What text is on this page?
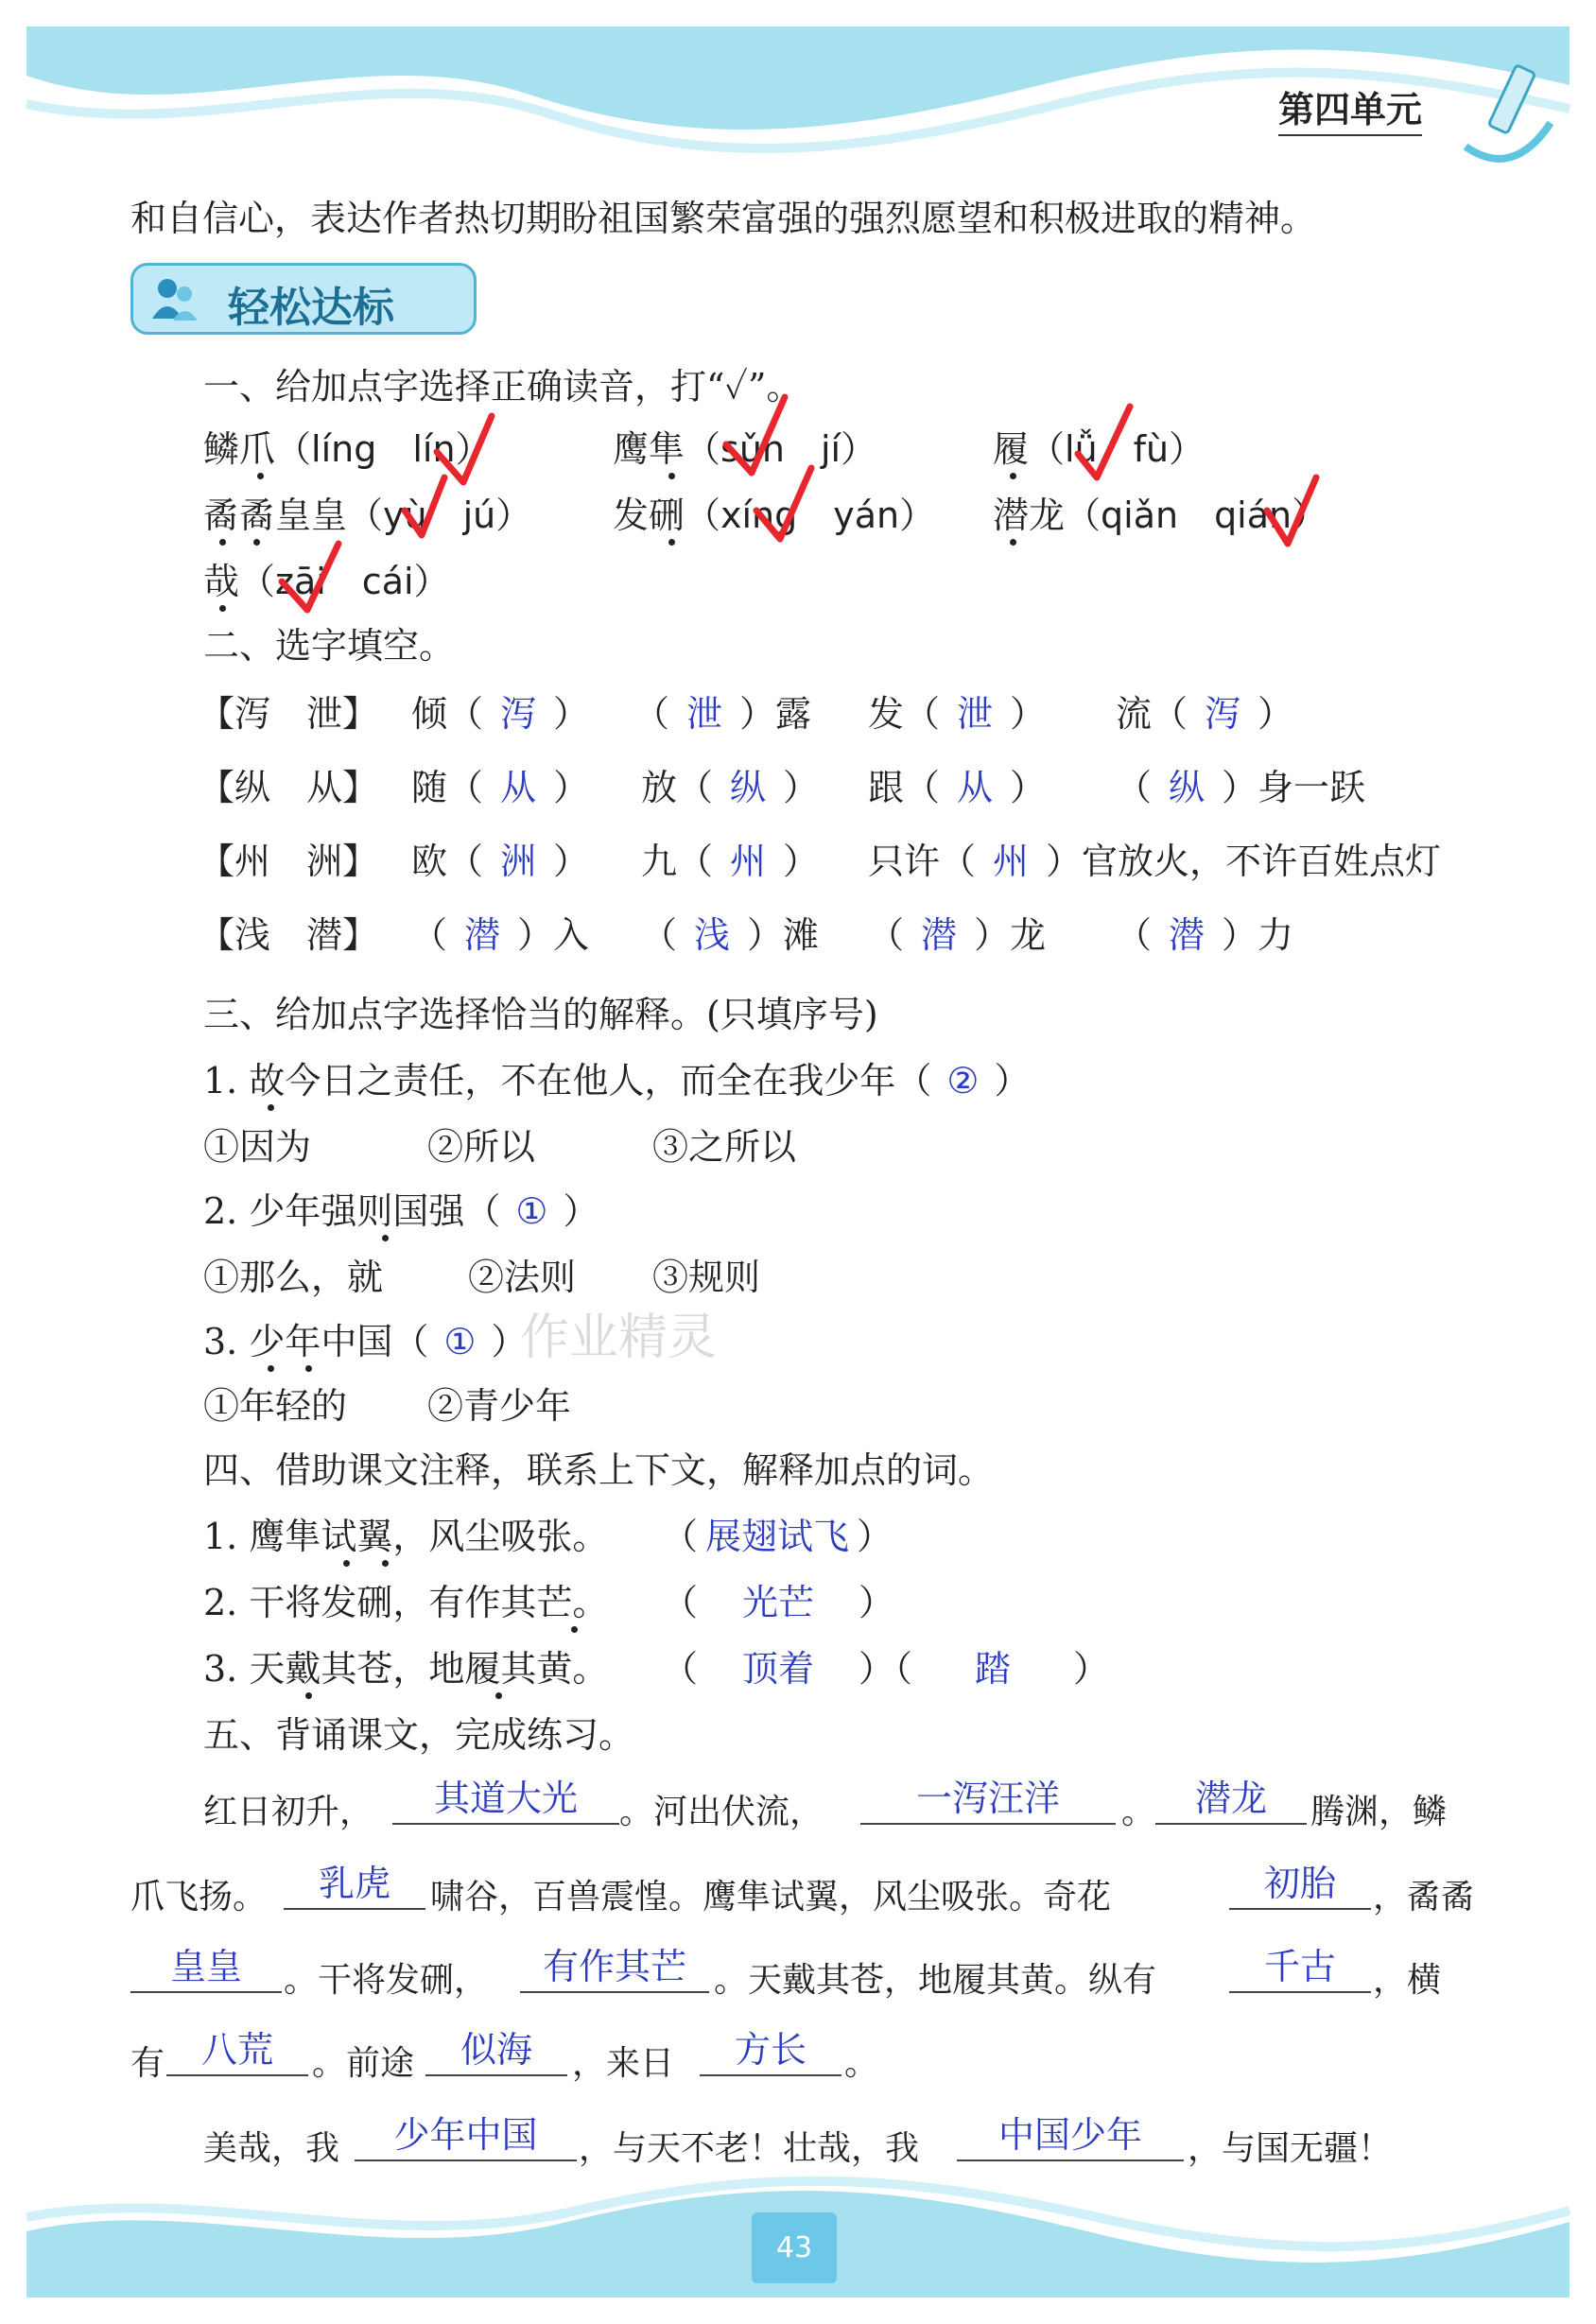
第四单元
和自信心，表达作者热切期盼祖国繁荣富强的强烈愿望和积极进取的精神。
轻松达标
一、给加点字选择正确读音，打“✓”。
鳞爪（líng　lín）	鹰隼（sǔn　jí）	履（lǚ　fù）
矞矞皇皇（yù　jú） 发硎（xíng　yán） 潜龙（qiǎn　qián）
哉（zāi　cái）
二、选字填空。
【泻　泄】 倾（ 泻 ） （ 泄 ）露 发（ 泄 ） 流（ 泻 ）
【纵　从】 随（ 从 ） 放（ 纵 ） 跟（ 从 ） （ 纵 ）身一跃
【州　洲】 欧（ 洲 ） 九（ 州 ） 只许（ 州 ）官放火，不许百姓点灯
【浅　潜】 （ 潜 ）入 （ 浅 ）滩 （ 潜 ）龙 （ 潜 ）力
三、给加点字选择恰当的解释。(只填序号)
1. 故今日之责任，不在他人，而全在我少年（ ② ）
①因为	②所以	③之所以
2. 少年强则国强（ ① ）
①那么，就 ②法则 ③规则
3. 少年中国（ ① ）
①年轻的 ②青少年
作业精灵
四、借助课文注释，联系上下文，解释加点的词。
1. 鹰隼试翼，风尘吸张。 （ 展翅试飞 ）
2. 干将发硎，有作其芒。 （ 光芒 ）
3. 天戴其苍，地履其黄。 （ 顶着 ）（ 踏 ）
五、背诵课文，完成练习。
红日初升，	其道大光	。河出伏流，	一泻汪洋	。	潜龙	腾渊，鳞
爪飞扬。	乳虎	啸谷，百兽震惶。鹰隼试翼，风尘吸张。奇花	初胎	，矞矞
皇皇	。干将发硎，	有作其芒 。天戴其苍，地履其黄。纵有	千古	，横
有	八荒	。前途	似海	，来日	方长	。
美哉，我	少年中国	，与天不老！壮哉，我	中国少年	，与国无疆！
43
